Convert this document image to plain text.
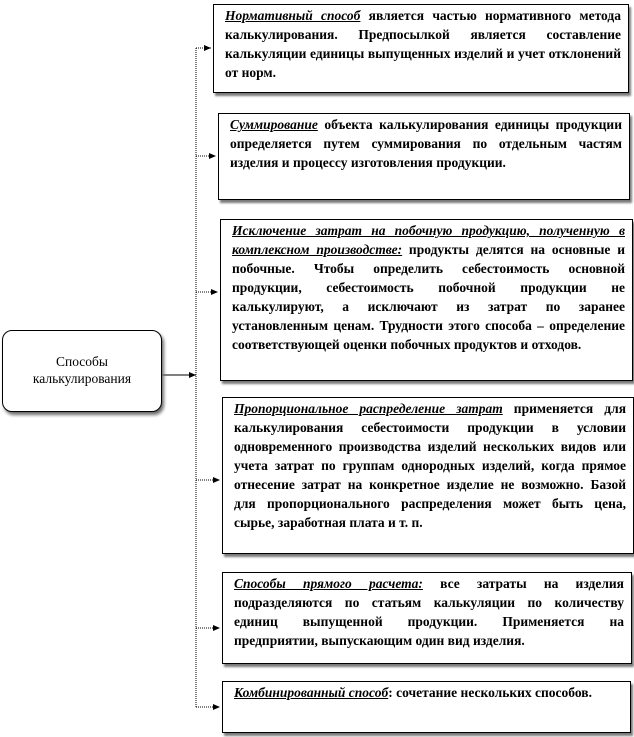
Способы
калькулирования
Нормативный способ является частью нормативного метода калькулирования. Предпосылкой является составление калькуляции единицы выпущенных изделий и учет отклонений от норм.
Суммирование объекта калькулирования единицы продукции определяется путем суммирования по отдельным частям изделия и процессу изготовления продукции.
Исключение затрат на побочную продукцию, полученную в комплексном производстве: продукты делятся на основные и побочные. Чтобы определить себестоимость основной продукции, себестоимость побочной продукции не калькулируют, а исключают из затрат по заранее установленным ценам. Трудности этого способа – определение соответствующей оценки побочных продуктов и отходов.
Пропорциональное распределение затрат применяется для калькулирования себестоимости продукции в условии одновременного производства изделий нескольких видов или учета затрат по группам однородных изделий, когда прямое отнесение затрат на конкретное изделие не возможно. Базой для пропорционального распределения может быть цена, сырье, заработная плата и т. п.
Способы прямого расчета: все затраты на изделия подразделяются по статьям калькуляции по количеству единиц выпущенной продукции. Применяется на предприятии, выпускающим один вид изделия.
Комбинированный способ: сочетание нескольких способов.
